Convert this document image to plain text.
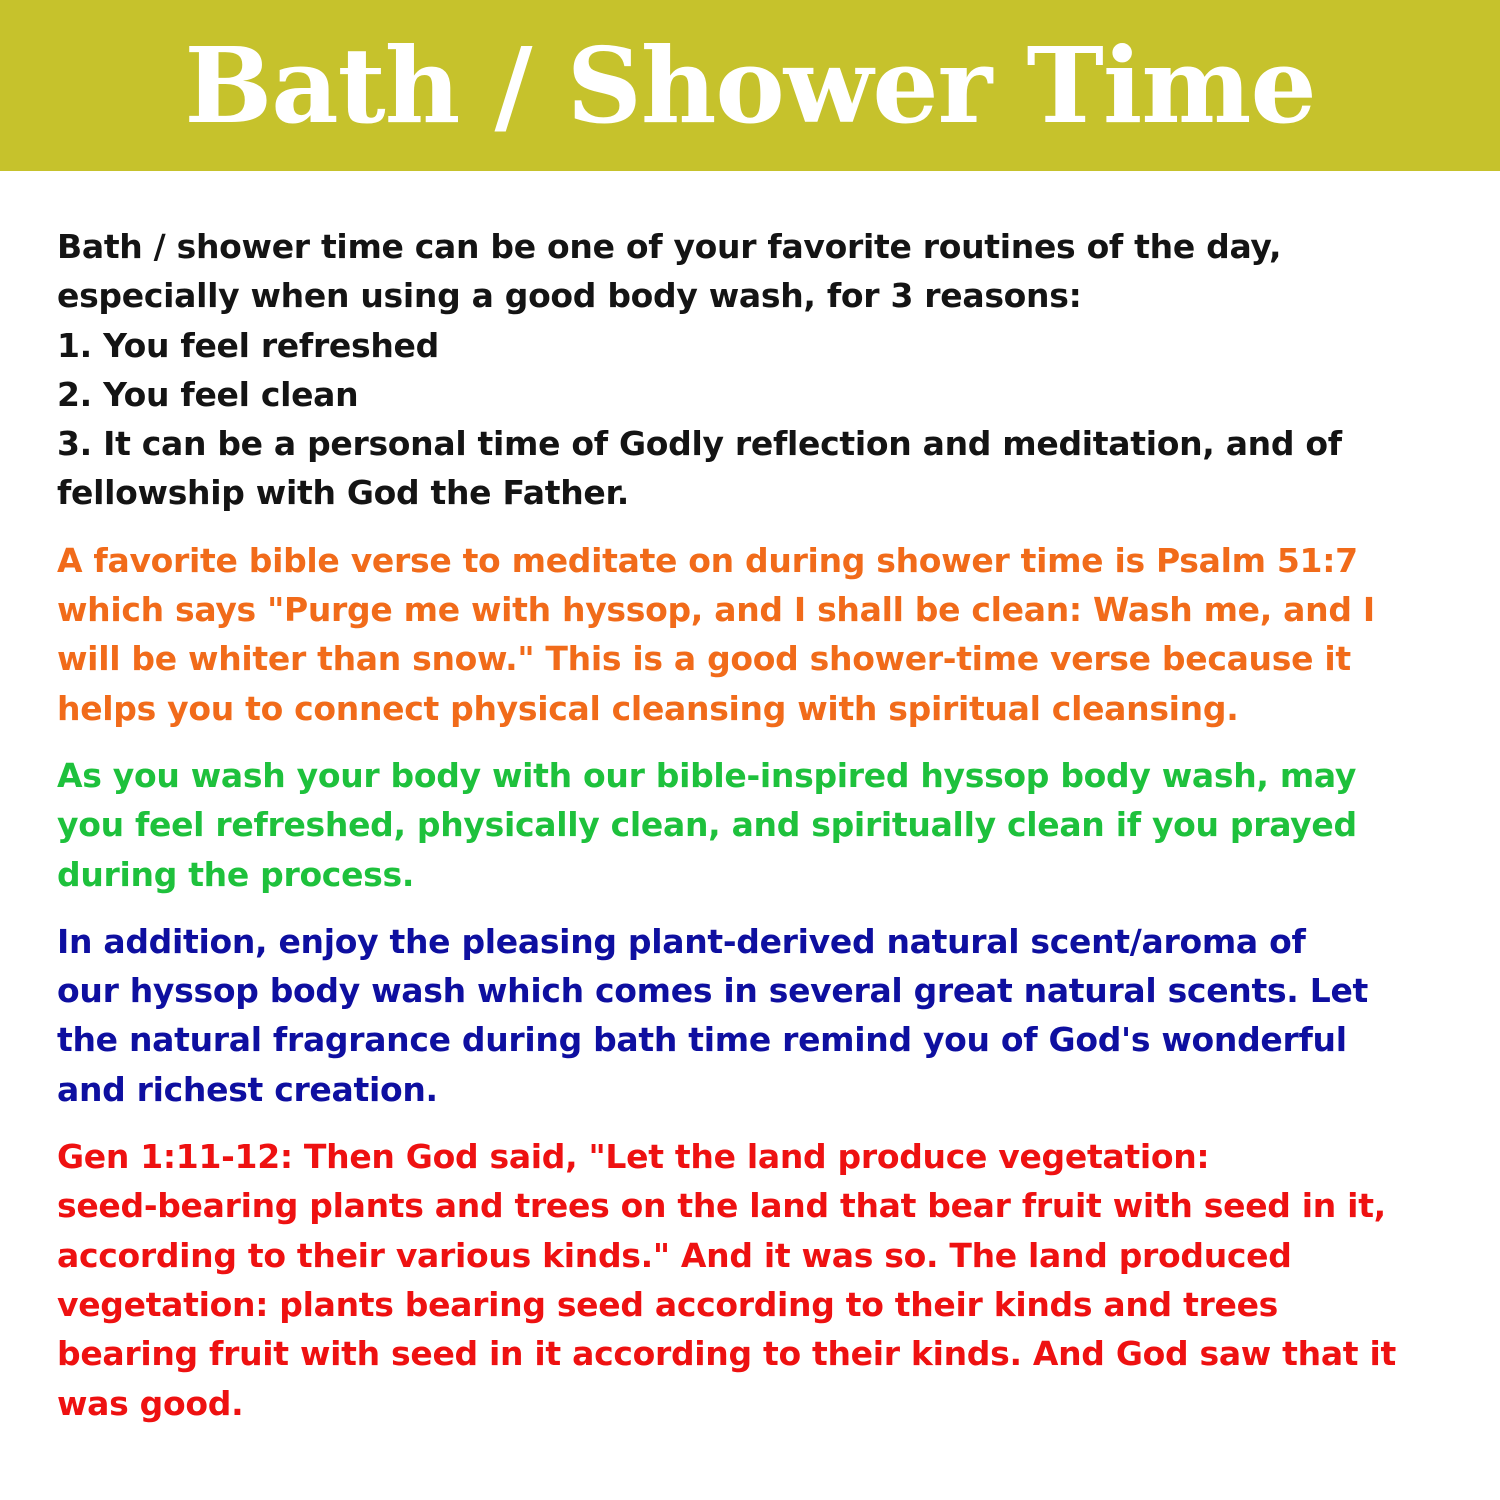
Bath / Shower Time

Bath / shower time can be one of your favorite routines of the day,
especially when using a good body wash, for 3 reasons:
1. You feel refreshed
2. You feel clean
3. It can be a personal time of Godly reflection and meditation, and of
fellowship with God the Father.

A favorite bible verse to meditate on during shower time is Psalm 51:7
which says "Purge me with hyssop, and I shall be clean: Wash me, and I
will be whiter than snow." This is a good shower-time verse because it
helps you to connect physical cleansing with spiritual cleansing.

As you wash your body with our bible-inspired hyssop body wash, may
you feel refreshed, physically clean, and spiritually clean if you prayed
during the process.

In addition, enjoy the pleasing plant-derived natural scent/aroma of
our hyssop body wash which comes in several great natural scents. Let
the natural fragrance during bath time remind you of God's wonderful
and richest creation.

Gen 1:11-12: Then God said, "Let the land produce vegetation:
seed-bearing plants and trees on the land that bear fruit with seed in it,
according to their various kinds." And it was so. The land produced
vegetation: plants bearing seed according to their kinds and trees
bearing fruit with seed in it according to their kinds. And God saw that it
was good.
